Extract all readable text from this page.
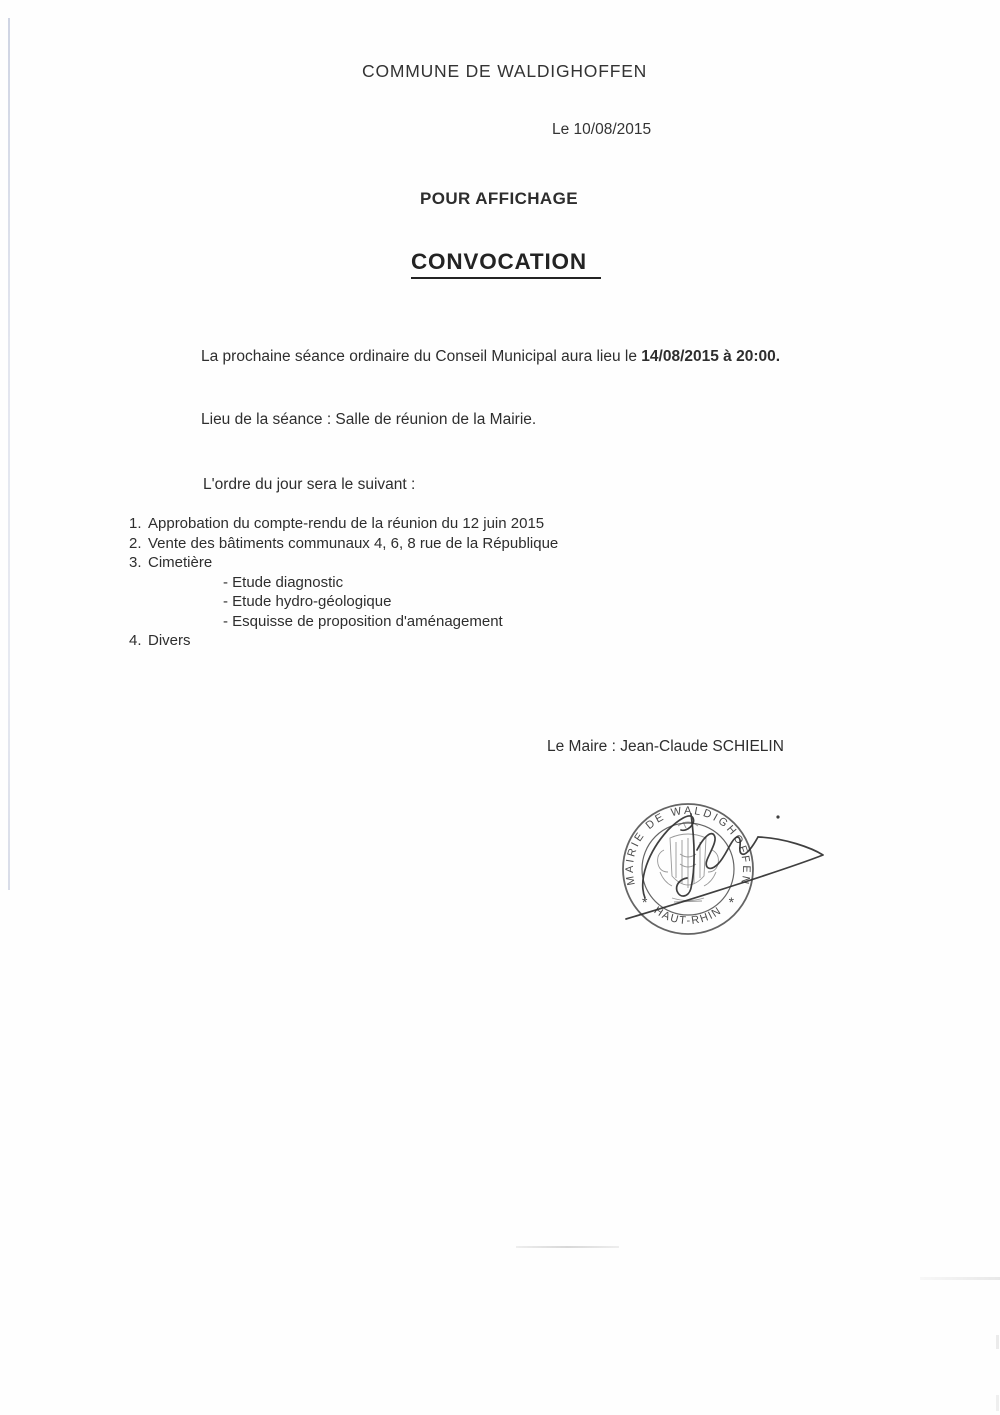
COMMUNE DE WALDIGHOFFEN
Le 10/08/2015
POUR AFFICHAGE
CONVOCATION
La prochaine séance ordinaire du Conseil Municipal aura lieu le 14/08/2015 à 20:00.
Lieu de la séance : Salle de réunion de la Mairie.
L'ordre du jour sera le suivant :
1. Approbation du compte-rendu de la réunion du 12 juin 2015
2. Vente des bâtiments communaux 4, 6, 8 rue de la République
3. Cimetière
- Etude diagnostic
- Etude hydro-géologique
- Esquisse de proposition d'aménagement
4. Divers
Le Maire : Jean-Claude SCHIELIN
MAIRIE DE WALDIGHOFFEN
HAUT-RHIN
*	*
